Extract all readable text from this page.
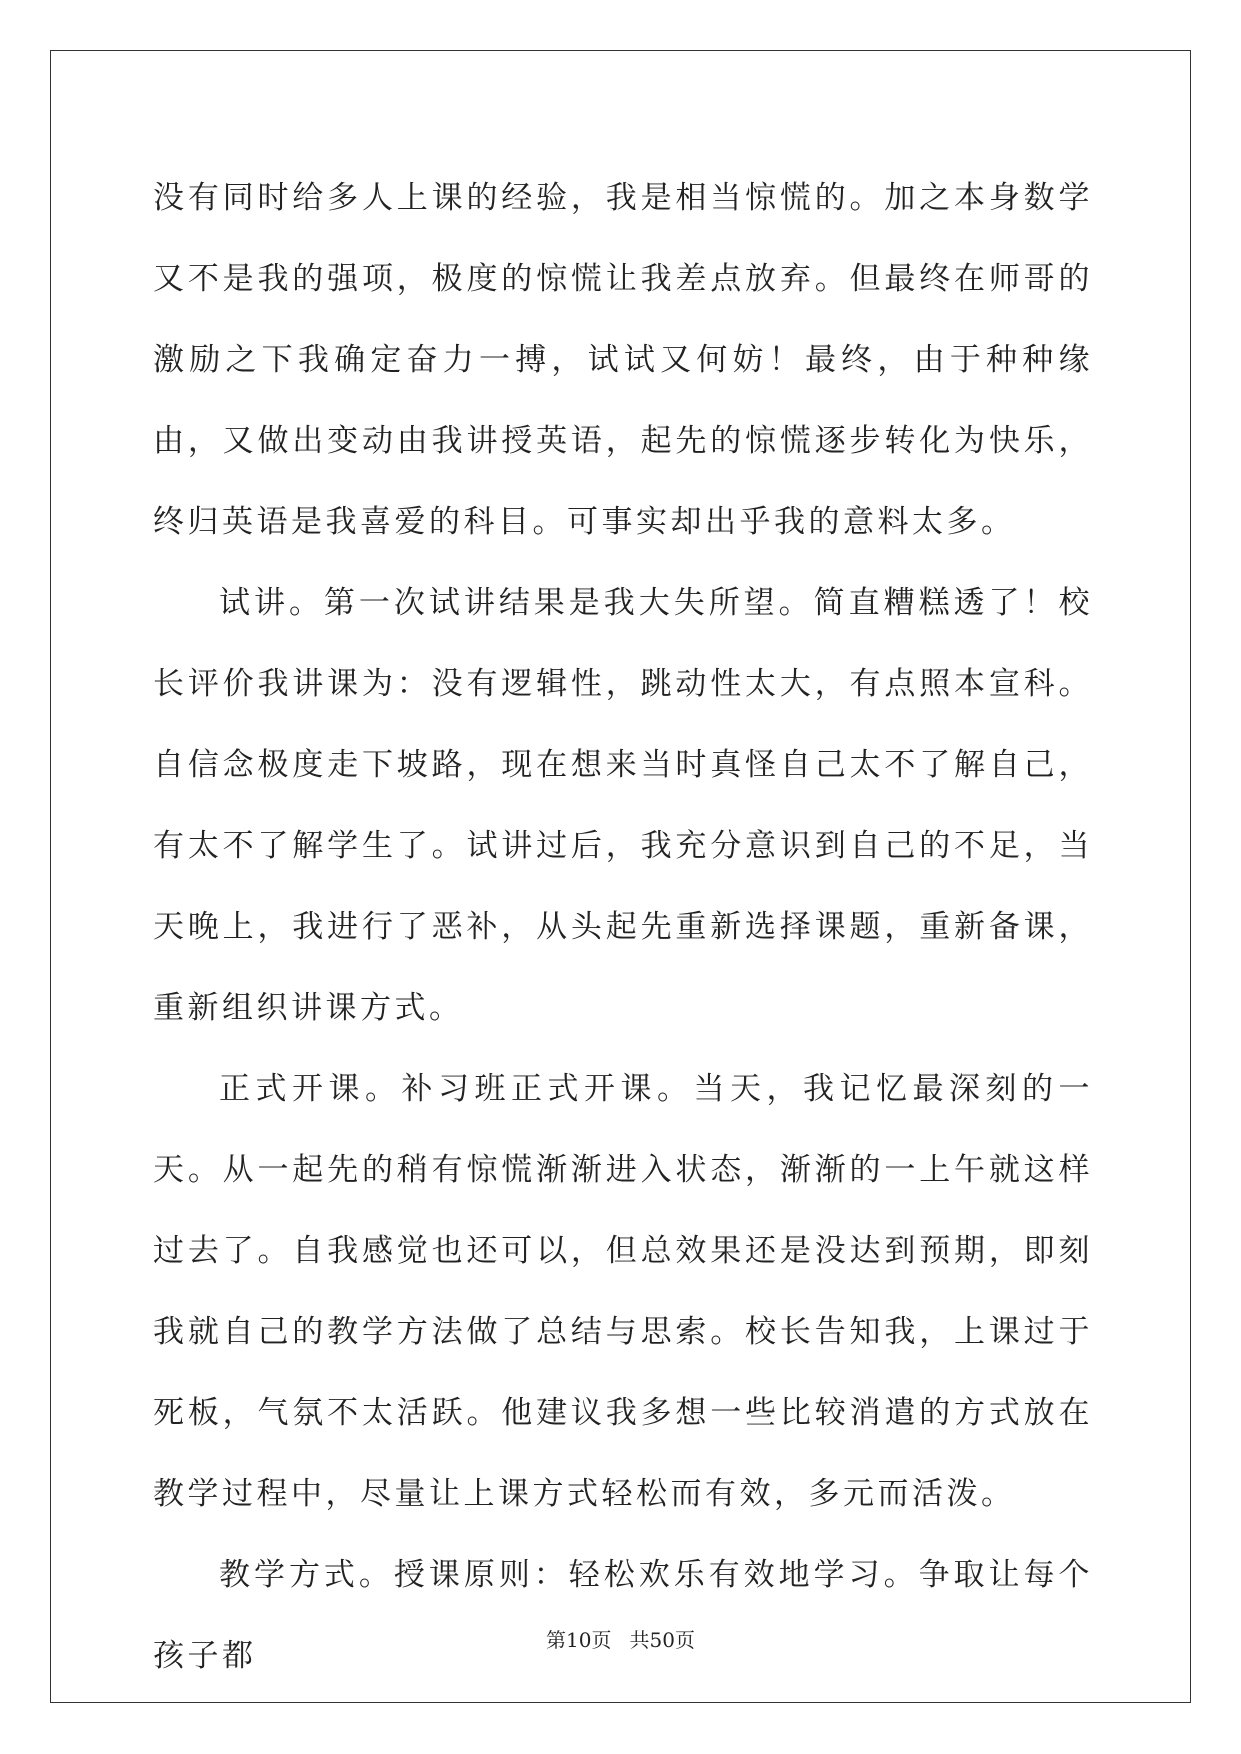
没有同时给多人上课的经验，我是相当惊慌的。加之本身数学又不是我的强项，极度的惊慌让我差点放弃。但最终在师哥的激励之下我确定奋力一搏，试试又何妨！最终，由于种种缘由，又做出变动由我讲授英语，起先的惊慌逐步转化为快乐，终归英语是我喜爱的科目。可事实却出乎我的意料太多。

试讲。第一次试讲结果是我大失所望。简直糟糕透了！校长评价我讲课为：没有逻辑性，跳动性太大，有点照本宣科。自信念极度走下坡路，现在想来当时真怪自己太不了解自己，有太不了解学生了。试讲过后，我充分意识到自己的不足，当天晚上，我进行了恶补，从头起先重新选择课题，重新备课，重新组织讲课方式。

正式开课。补习班正式开课。当天，我记忆最深刻的一天。从一起先的稍有惊慌渐渐进入状态，渐渐的一上午就这样过去了。自我感觉也还可以，但总效果还是没达到预期，即刻我就自己的教学方法做了总结与思索。校长告知我，上课过于死板，气氛不太活跃。他建议我多想一些比较消遣的方式放在教学过程中，尽量让上课方式轻松而有效，多元而活泼。

教学方式。授课原则：轻松欢乐有效地学习。争取让每个孩子都	第10页 共50页
